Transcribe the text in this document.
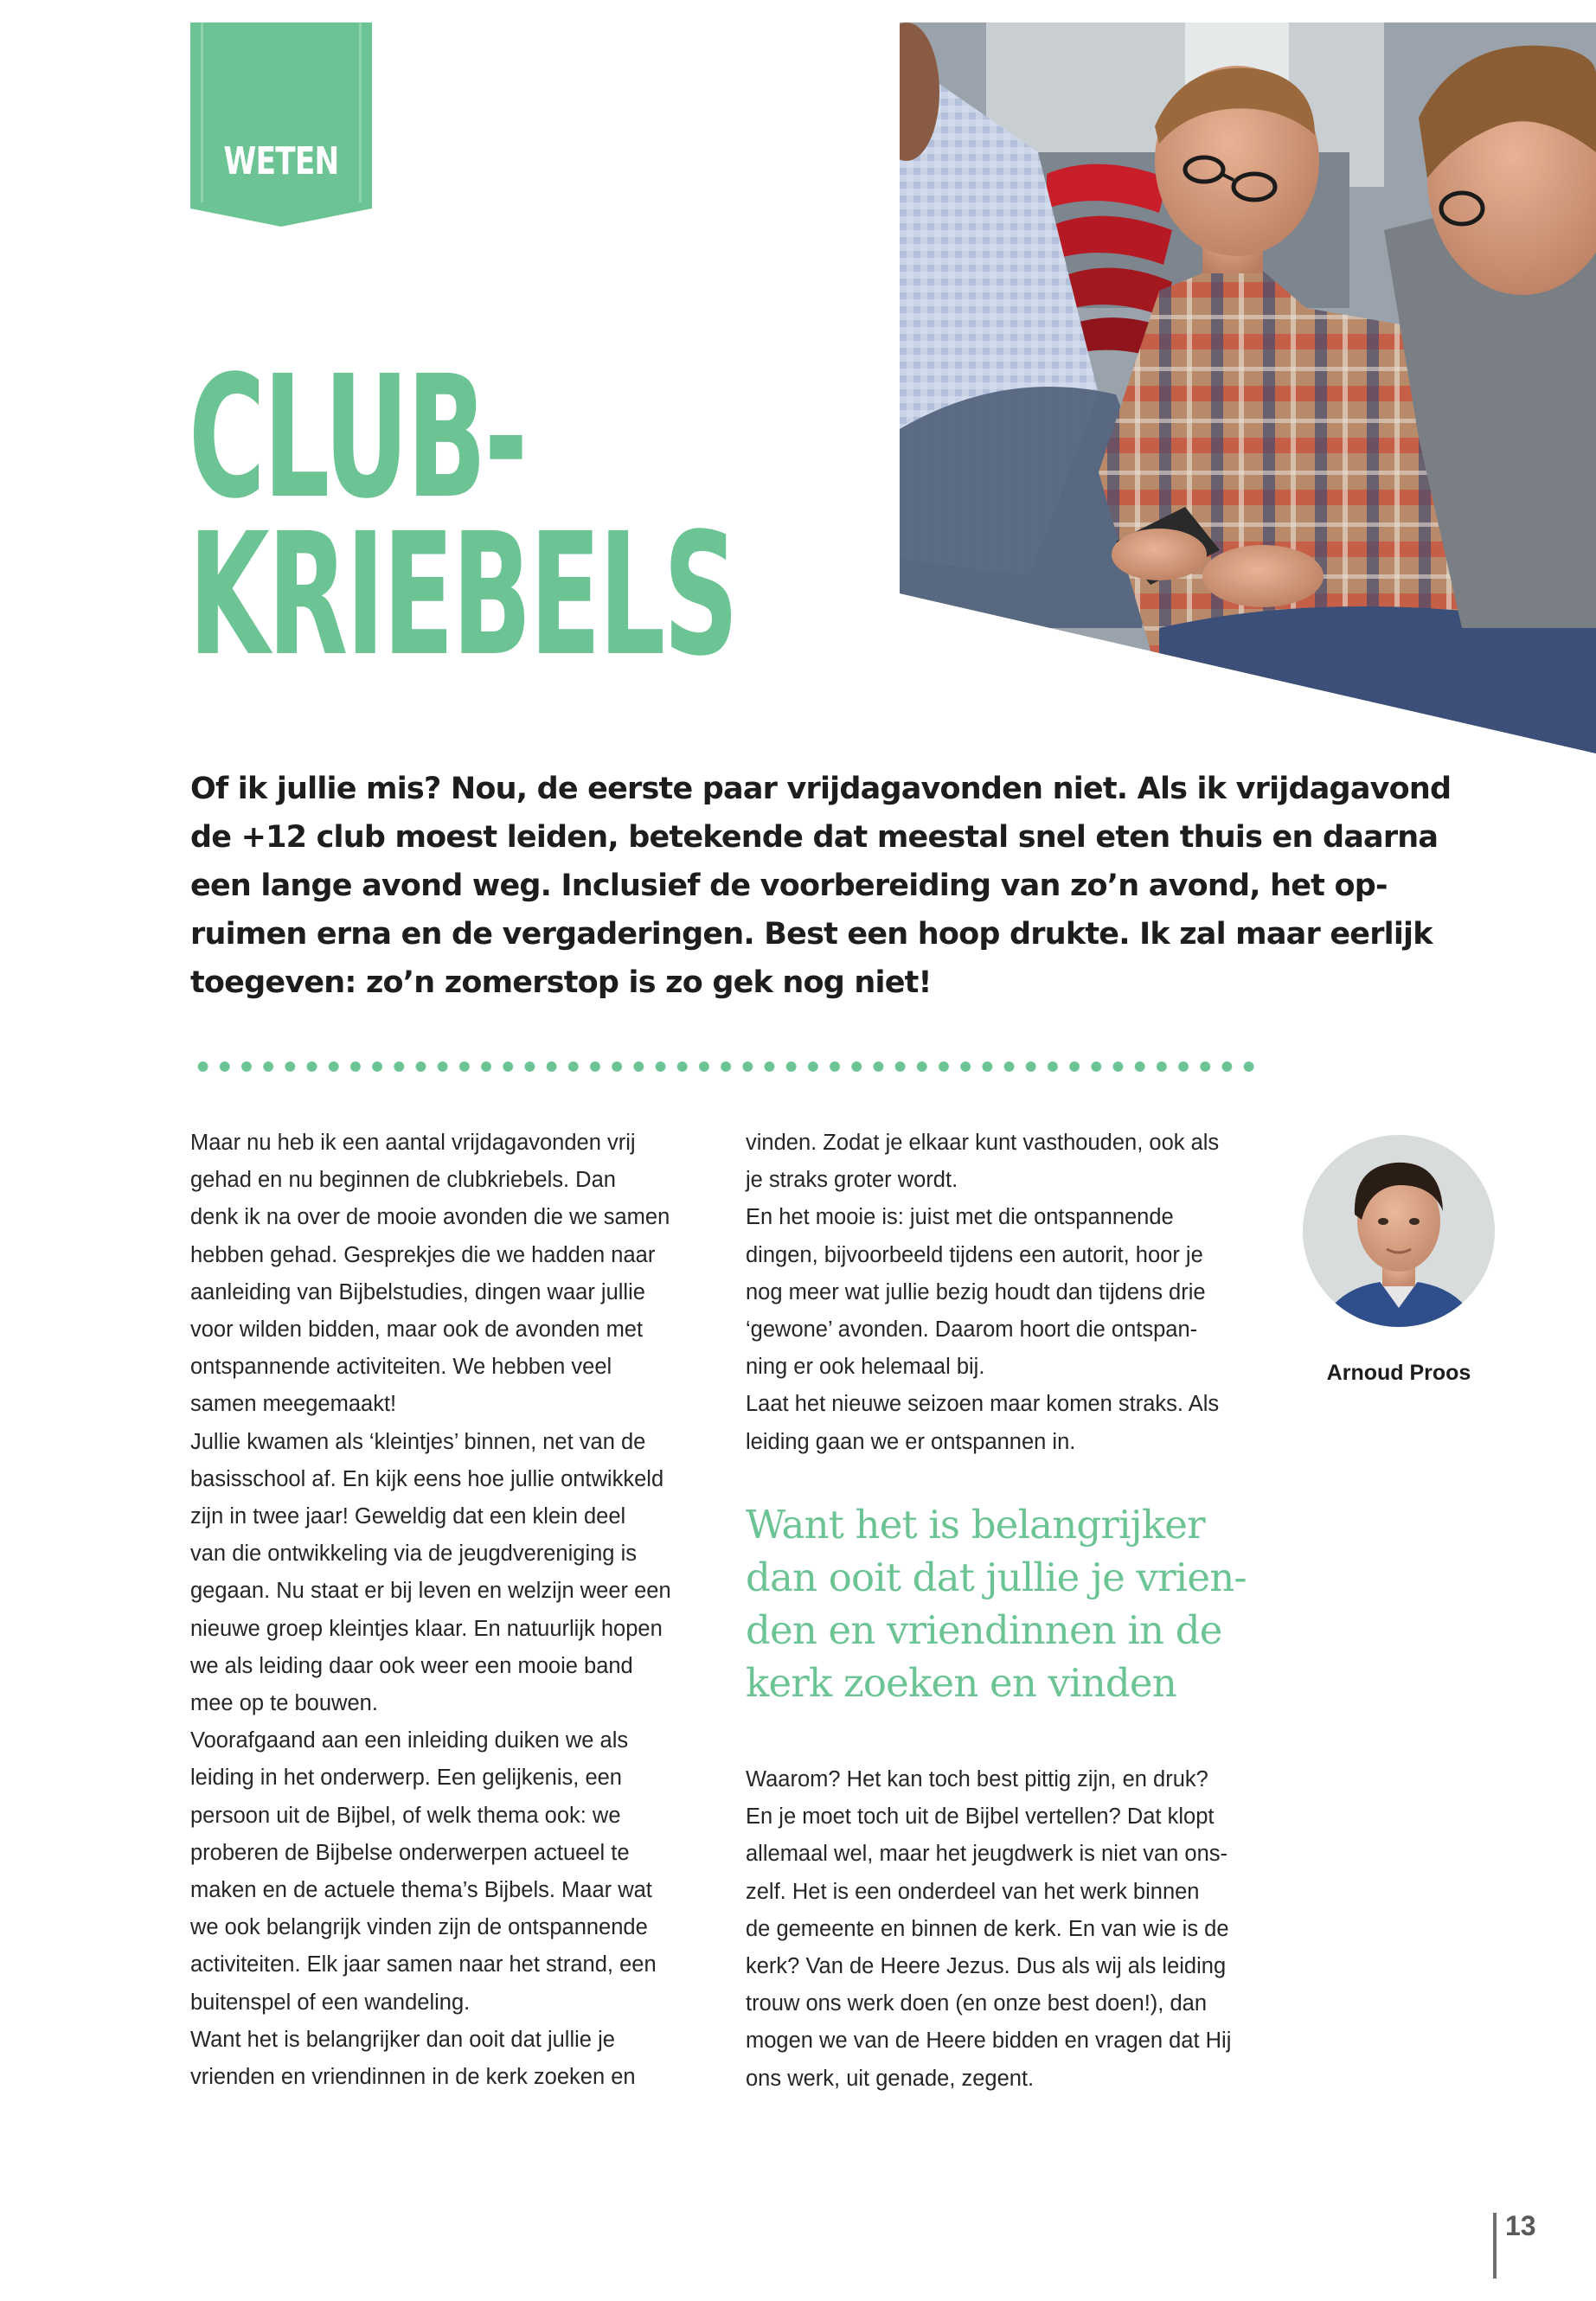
WETEN
CLUB-
KRIEBELS
Of ik jullie mis? Nou, de eerste paar vrijdagavonden niet. Als ik vrijdagavond
de +12 club moest leiden, betekende dat meestal snel eten thuis en daarna
een lange avond weg. Inclusief de voorbereiding van zo’n avond, het op-
ruimen erna en de vergaderingen. Best een hoop drukte. Ik zal maar eerlijk
toegeven: zo’n zomerstop is zo gek nog niet!
Maar nu heb ik een aantal vrijdagavonden vrij
gehad en nu beginnen de clubkriebels. Dan
denk ik na over de mooie avonden die we samen
hebben gehad. Gesprekjes die we hadden naar
aanleiding van Bijbelstudies, dingen waar jullie
voor wilden bidden, maar ook de avonden met
ontspannende activiteiten. We hebben veel
samen meegemaakt!
Jullie kwamen als ‘kleintjes’ binnen, net van de
basisschool af. En kijk eens hoe jullie ontwikkeld
zijn in twee jaar! Geweldig dat een klein deel
van die ontwikkeling via de jeugdvereniging is
gegaan. Nu staat er bij leven en welzijn weer een
nieuwe groep kleintjes klaar. En natuurlijk hopen
we als leiding daar ook weer een mooie band
mee op te bouwen.
Voorafgaand aan een inleiding duiken we als
leiding in het onderwerp. Een gelijkenis, een
persoon uit de Bijbel, of welk thema ook: we
proberen de Bijbelse onderwerpen actueel te
maken en de actuele thema’s Bijbels. Maar wat
we ook belangrijk vinden zijn de ontspannende
activiteiten. Elk jaar samen naar het strand, een
buitenspel of een wandeling.
Want het is belangrijker dan ooit dat jullie je
vrienden en vriendinnen in de kerk zoeken en
vinden. Zodat je elkaar kunt vasthouden, ook als
je straks groter wordt.
En het mooie is: juist met die ontspannende
dingen, bijvoorbeeld tijdens een autorit, hoor je
nog meer wat jullie bezig houdt dan tijdens drie
‘gewone’ avonden. Daarom hoort die ontspan-
ning er ook helemaal bij.
Laat het nieuwe seizoen maar komen straks. Als
leiding gaan we er ontspannen in.
Want het is belangrijker
dan ooit dat jullie je vrien-
den en vriendinnen in de
kerk zoeken en vinden
Waarom? Het kan toch best pittig zijn, en druk?
En je moet toch uit de Bijbel vertellen? Dat klopt
allemaal wel, maar het jeugdwerk is niet van ons-
zelf. Het is een onderdeel van het werk binnen
de gemeente en binnen de kerk. En van wie is de
kerk? Van de Heere Jezus. Dus als wij als leiding
trouw ons werk doen (en onze best doen!), dan
mogen we van de Heere bidden en vragen dat Hij
ons werk, uit genade, zegent.
Arnoud Proos
13
